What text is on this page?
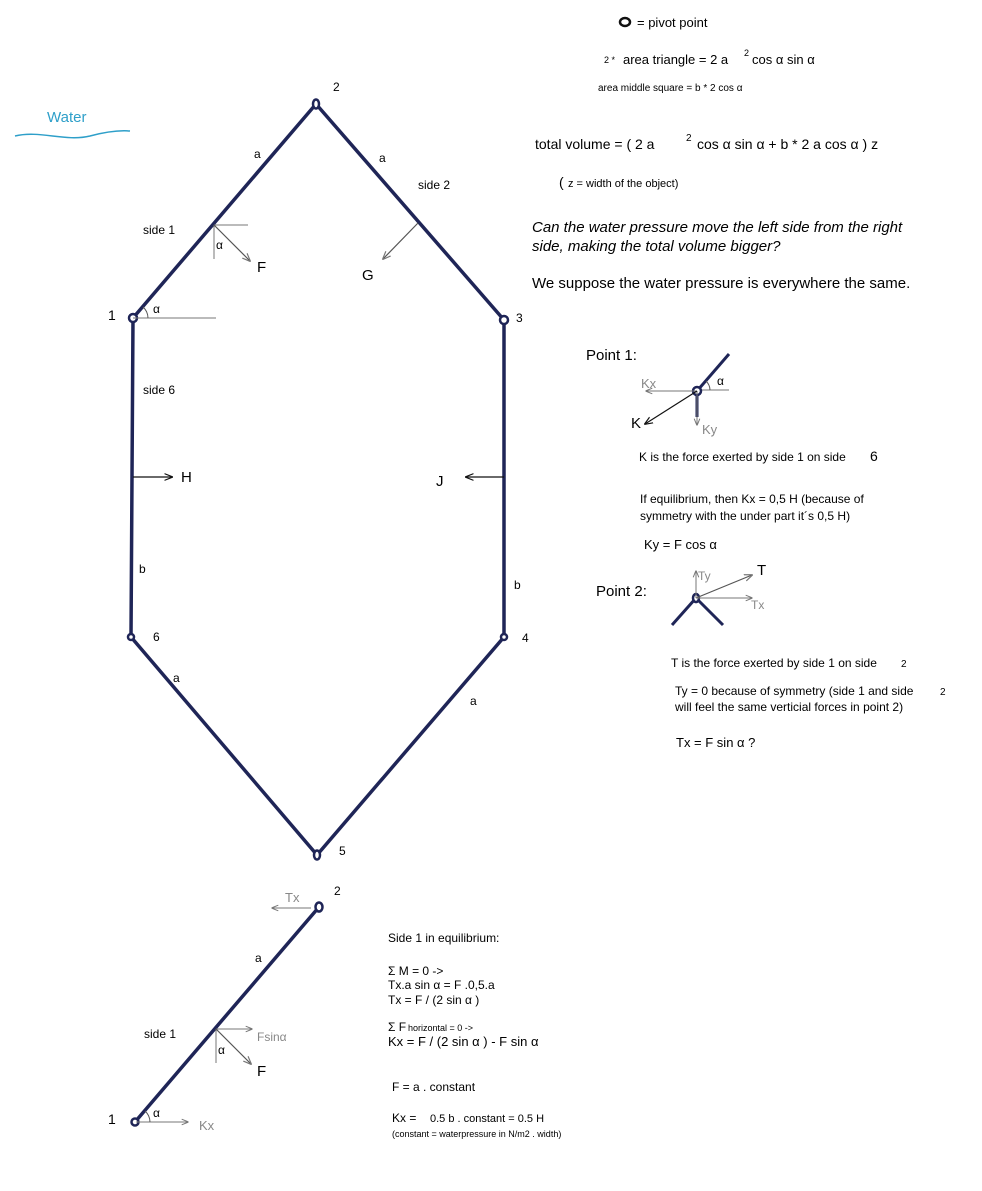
= pivot point
2 * area triangle = 2 a 2 cos α sin α
area middle square = b * 2 cos α
total volume = ( 2 a	2 cos α sin α + b * 2 a cos α ) z
( z = width of the object)
Can the water pressure move the left side from the right
side, making the total volume bigger?
We suppose the water pressure is everywhere the same.
Water
1
2
3
4
5
6
a	a
a
a
b
b
side 1
side 2
side 6
α
α
F	G
H	J
Point 1:
α
Kx
Ky
K
K is the force exerted by side 1 on side 6
If equilibrium, then Kx = 0,5 H (because of
symmetry with the under part it´s 0,5 H)
Ky = F cos α
Point 2:
Ty	T
Tx
T is the force exerted by side 1 on side 2
Ty = 0 because of symmetry (side 1 and side	2
will feel the same verticial forces in point 2)
Tx = F sin α ?
2
1
a
side 1
Tx
Fsinα
α
F
α
Kx
Side 1 in equilibrium:
Σ M = 0 ->
Tx.a sin α = F .0,5.a
Tx = F / (2 sin α )
Σ F horizontal = 0 ->
Kx = F / (2 sin α ) - F sin α
F = a . constant
Kx = 0.5 b . constant = 0.5 H
(constant = waterpressure in N/m2 . width)
